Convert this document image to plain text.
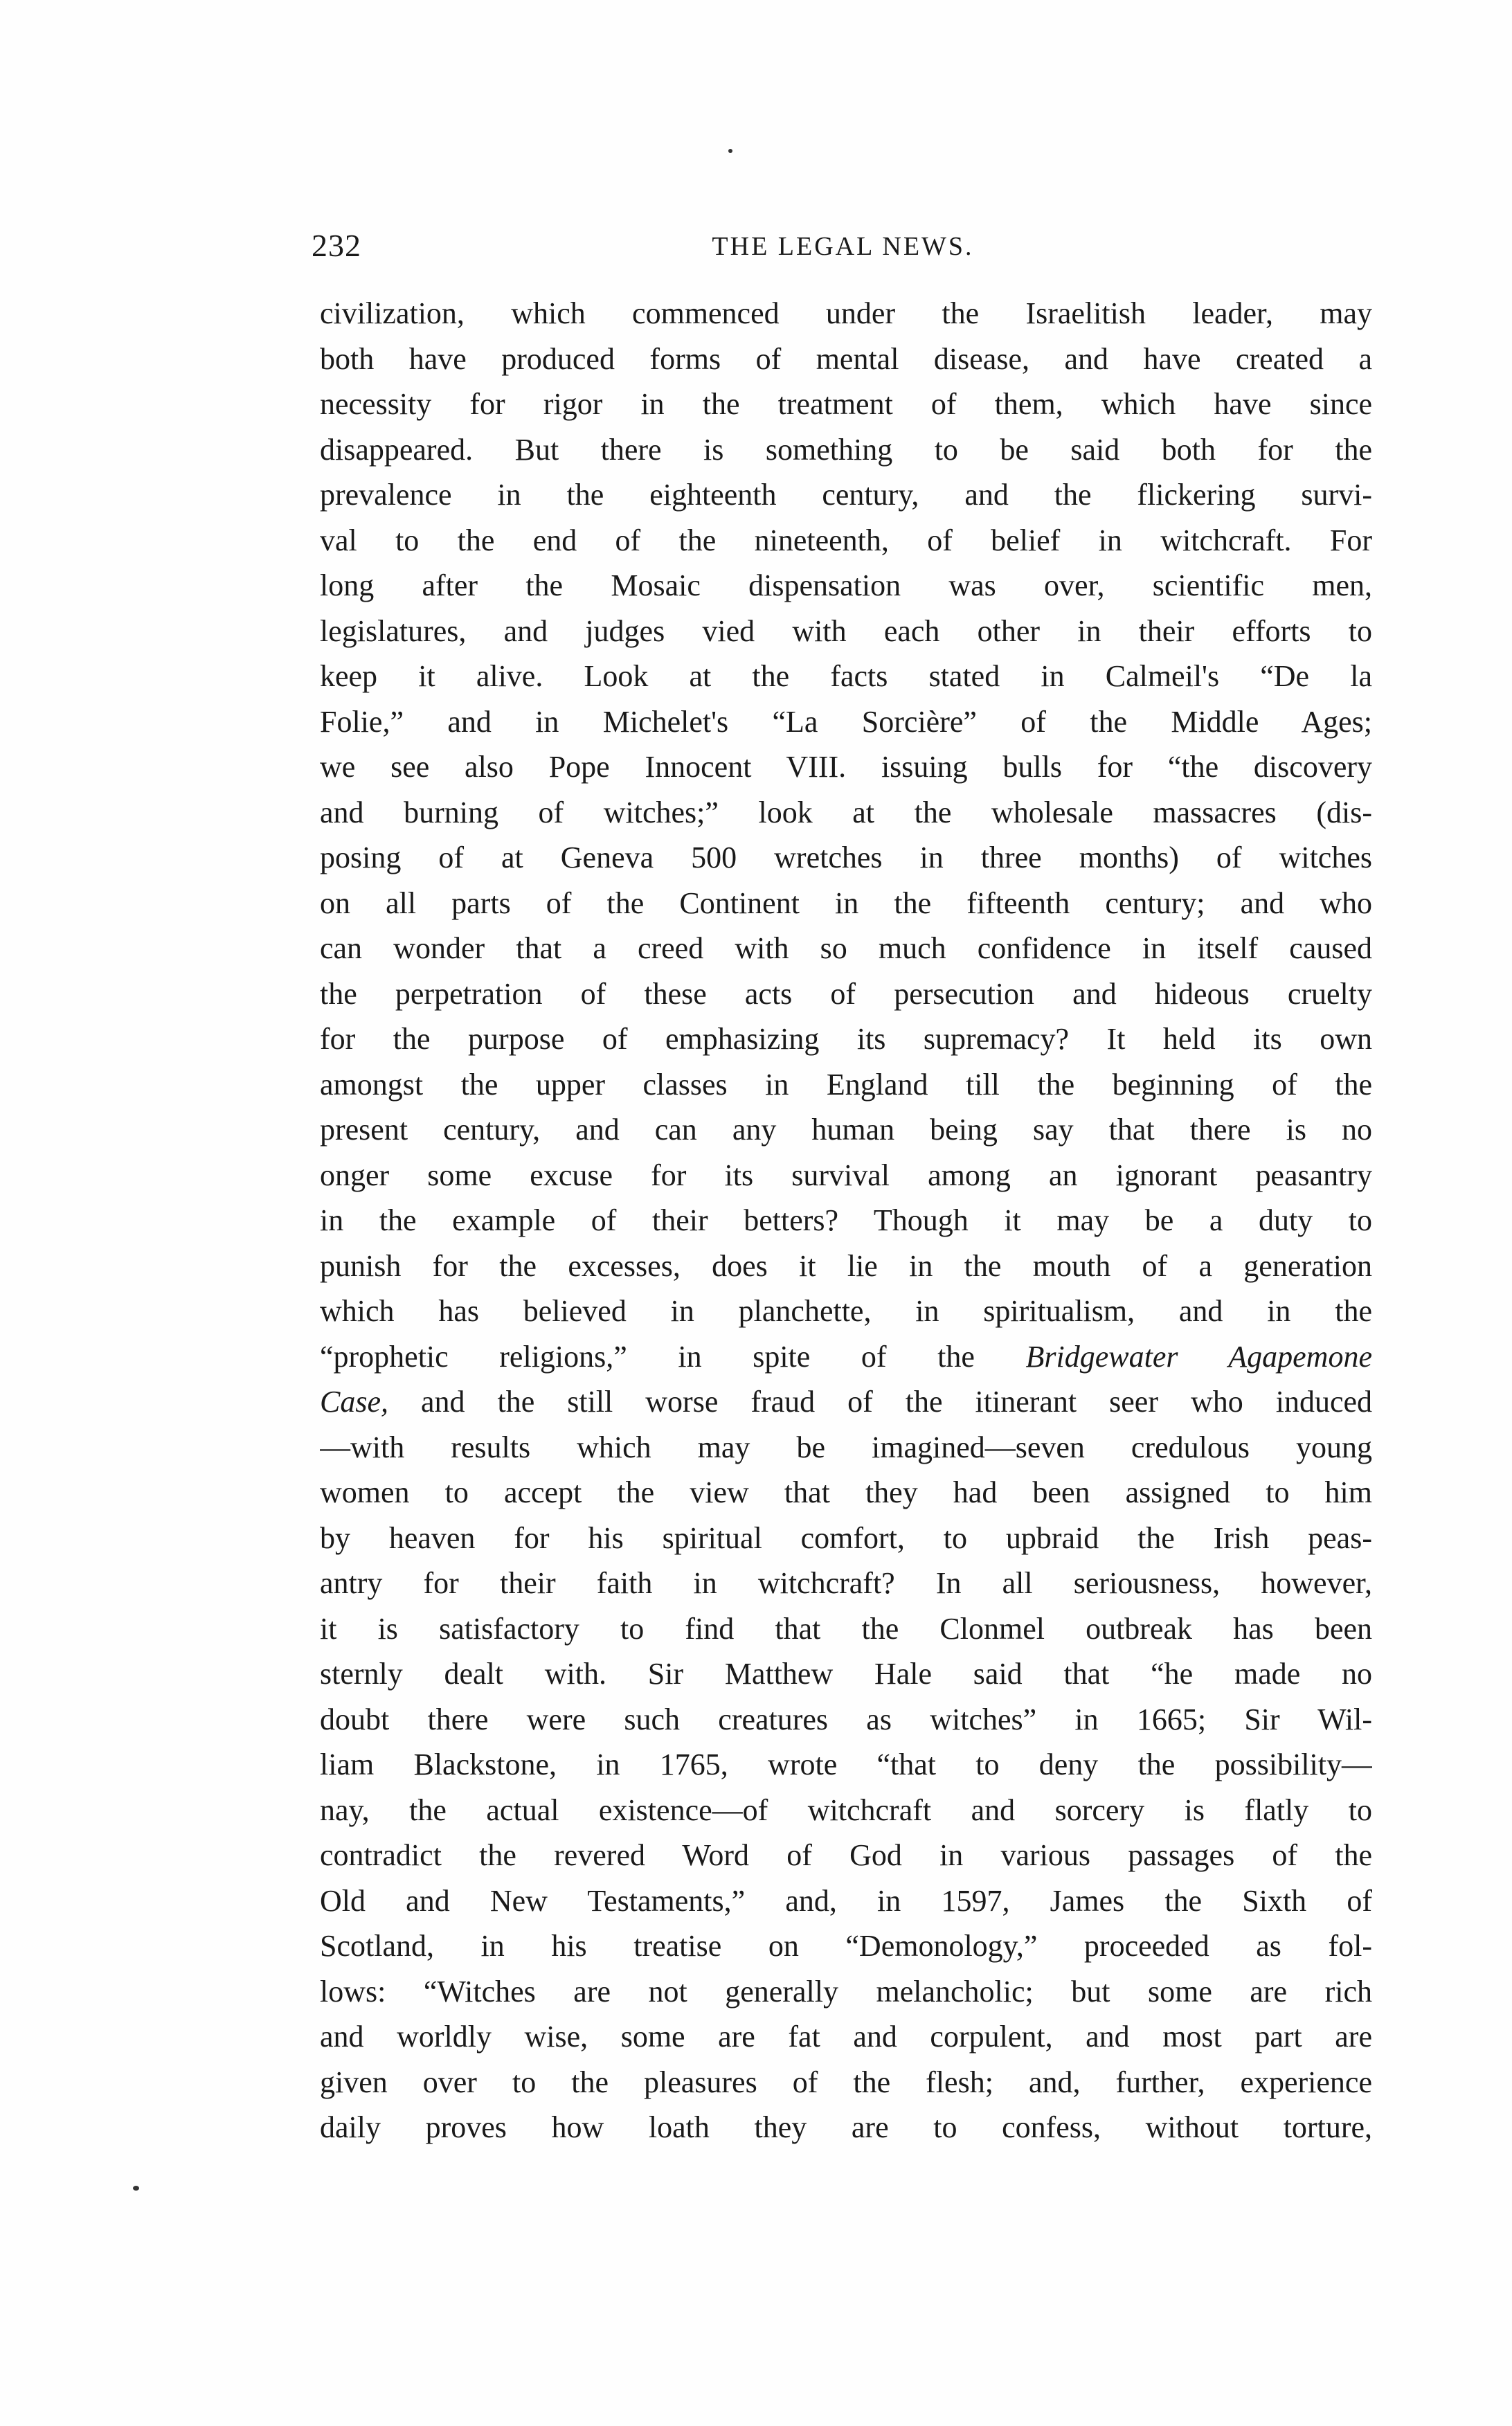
232	THE LEGAL NEWS.
civilization, which commenced under the Israelitish leader, may
both have produced forms of mental disease, and have created a
necessity for rigor in the treatment of them, which have since
disappeared. But there is something to be said both for the
prevalence in the eighteenth century, and the flickering survi-
val to the end of the nineteenth, of belief in witchcraft. For
long after the Mosaic dispensation was over, scientific men,
legislatures, and judges vied with each other in their efforts to
keep it alive. Look at the facts stated in Calmeil's “De la
Folie,” and in Michelet's “La Sorcière” of the Middle Ages;
we see also Pope Innocent VIII. issuing bulls for “the discovery
and burning of witches;” look at the wholesale massacres (dis-
posing of at Geneva 500 wretches in three months) of witches
on all parts of the Continent in the fifteenth century; and who
can wonder that a creed with so much confidence in itself caused
the perpetration of these acts of persecution and hideous cruelty
for the purpose of emphasizing its supremacy? It held its own
amongst the upper classes in England till the beginning of the
present century, and can any human being say that there is no
onger some excuse for its survival among an ignorant peasantry
in the example of their betters? Though it may be a duty to
punish for the excesses, does it lie in the mouth of a generation
which has believed in planchette, in spiritualism, and in the
“prophetic religions,” in spite of the Bridgewater Agapemone
Case, and the still worse fraud of the itinerant seer who induced
—with results which may be imagined—seven credulous young
women to accept the view that they had been assigned to him
by heaven for his spiritual comfort, to upbraid the Irish peas-
antry for their faith in witchcraft? In all seriousness, however,
it is satisfactory to find that the Clonmel outbreak has been
sternly dealt with. Sir Matthew Hale said that “he made no
doubt there were such creatures as witches” in 1665; Sir Wil-
liam Blackstone, in 1765, wrote “that to deny the possibility—
nay, the actual existence—of witchcraft and sorcery is flatly to
contradict the revered Word of God in various passages of the
Old and New Testaments,” and, in 1597, James the Sixth of
Scotland, in his treatise on “Demonology,” proceeded as fol-
lows: “Witches are not generally melancholic; but some are rich
and worldly wise, some are fat and corpulent, and most part are
given over to the pleasures of the flesh; and, further, experience
daily proves how loath they are to confess, without torture,
